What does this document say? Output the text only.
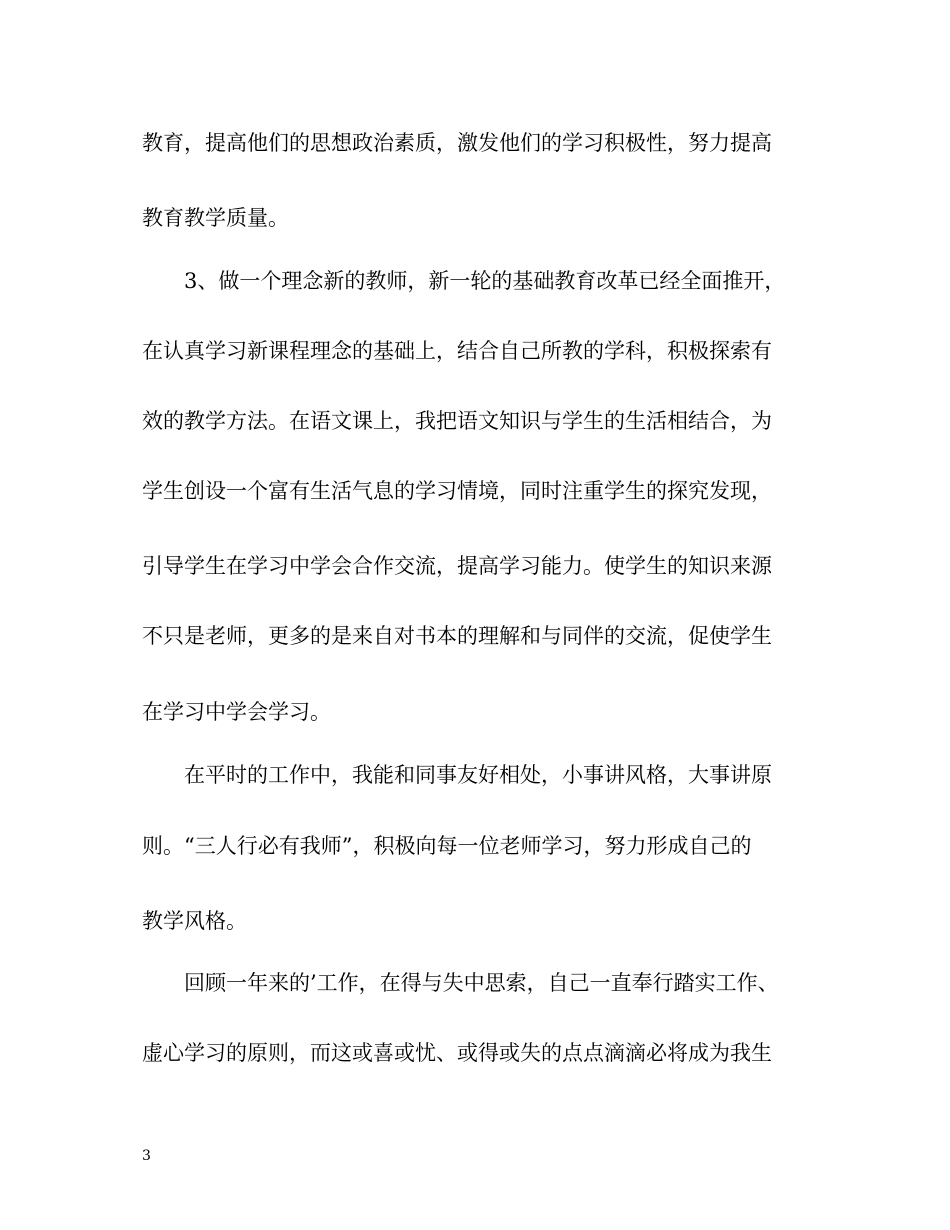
教育，提高他们的思想政治素质，激发他们的学习积极性，努力提高
教育教学质量。
3、做一个理念新的教师，新一轮的基础教育改革已经全面推开，
在认真学习新课程理念的基础上，结合自己所教的学科，积极探索有
效的教学方法。在语文课上，我把语文知识与学生的生活相结合，为
学生创设一个富有生活气息的学习情境，同时注重学生的探究发现，
引导学生在学习中学会合作交流，提高学习能力。使学生的知识来源
不只是老师，更多的是来自对书本的理解和与同伴的交流，促使学生
在学习中学会学习。
在平时的工作中，我能和同事友好相处，小事讲风格，大事讲原
则。“三人行必有我师”，积极向每一位老师学习，努力形成自己的
教学风格。
回顾一年来的’工作，在得与失中思索，自己一直奉行踏实工作、
虚心学习的原则，而这或喜或忧、或得或失的点点滴滴必将成为我生
3
